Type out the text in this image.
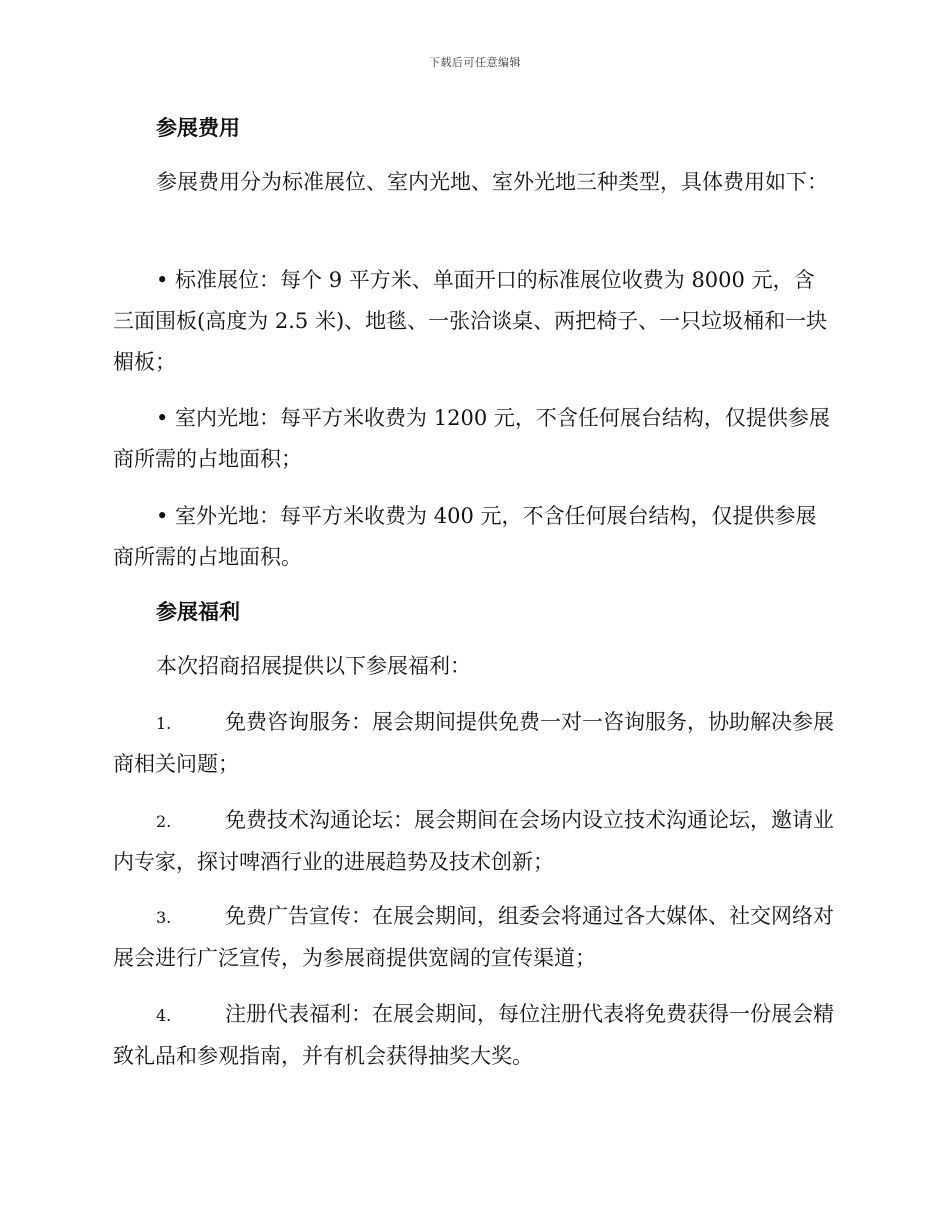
下载后可任意编辑
参展费用

参展费用分为标准展位、室内光地、室外光地三种类型，具体费用如下：

• 标准展位：每个 9 平方米、单面开口的标准展位收费为 8000 元，含三面围板(高度为 2.5 米)、地毯、一张洽谈桌、两把椅子、一只垃圾桶和一块楣板；

• 室内光地：每平方米收费为 1200 元，不含任何展台结构，仅提供参展商所需的占地面积；

• 室外光地：每平方米收费为 400 元，不含任何展台结构，仅提供参展商所需的占地面积。

参展福利

本次招商招展提供以下参展福利：

1.	免费咨询服务：展会期间提供免费一对一咨询服务，协助解决参展商相关问题；

2.	免费技术沟通论坛：展会期间在会场内设立技术沟通论坛，邀请业内专家，探讨啤酒行业的进展趋势及技术创新；

3.	免费广告宣传：在展会期间，组委会将通过各大媒体、社交网络对展会进行广泛宣传，为参展商提供宽阔的宣传渠道；

4.	注册代表福利：在展会期间，每位注册代表将免费获得一份展会精致礼品和参观指南，并有机会获得抽奖大奖。
